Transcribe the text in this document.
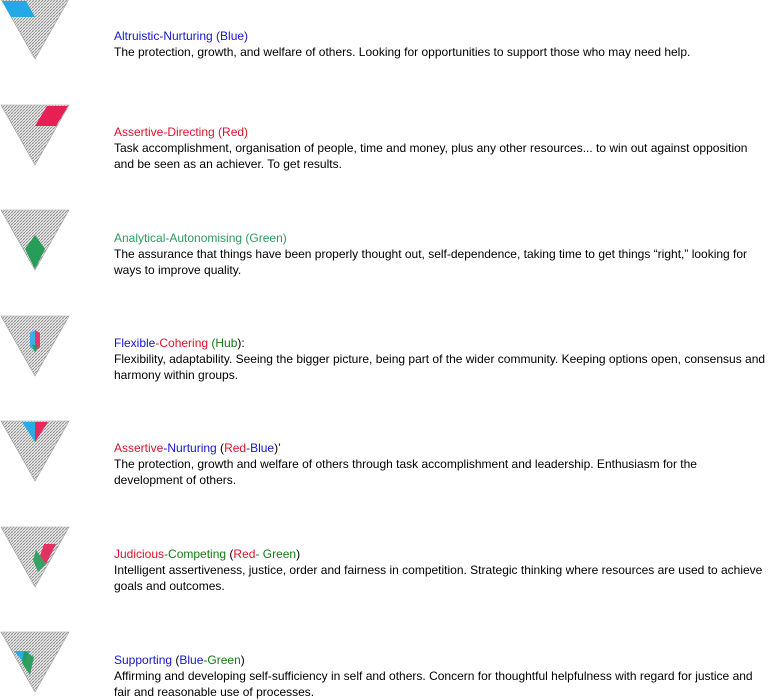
Altruistic-Nurturing (Blue)
The protection, growth, and welfare of others. Looking for opportunities to support those who may need help.
Assertive-Directing (Red)
Task accomplishment, organisation of people, time and money, plus any other resources... to win out against opposition and be seen as an achiever. To get results.
Analytical-Autonomising (Green)
The assurance that things have been properly thought out, self-dependence, taking time to get things “right,” looking for ways to improve quality.
Flexible-Cohering (Hub):
Flexibility, adaptability. Seeing the bigger picture, being part of the wider community. Keeping options open, consensus and harmony within groups.
Assertive-Nurturing (Red-Blue)’
The protection, growth and welfare of others through task accomplishment and leadership. Enthusiasm for the development of others.
Judicious-Competing (Red- Green)
Intelligent assertiveness, justice, order and fairness in competition. Strategic thinking where resources are used to achieve goals and outcomes.
Supporting (Blue-Green)
Affirming and developing self-sufficiency in self and others. Concern for thoughtful helpfulness with regard for justice and fair and reasonable use of processes.
